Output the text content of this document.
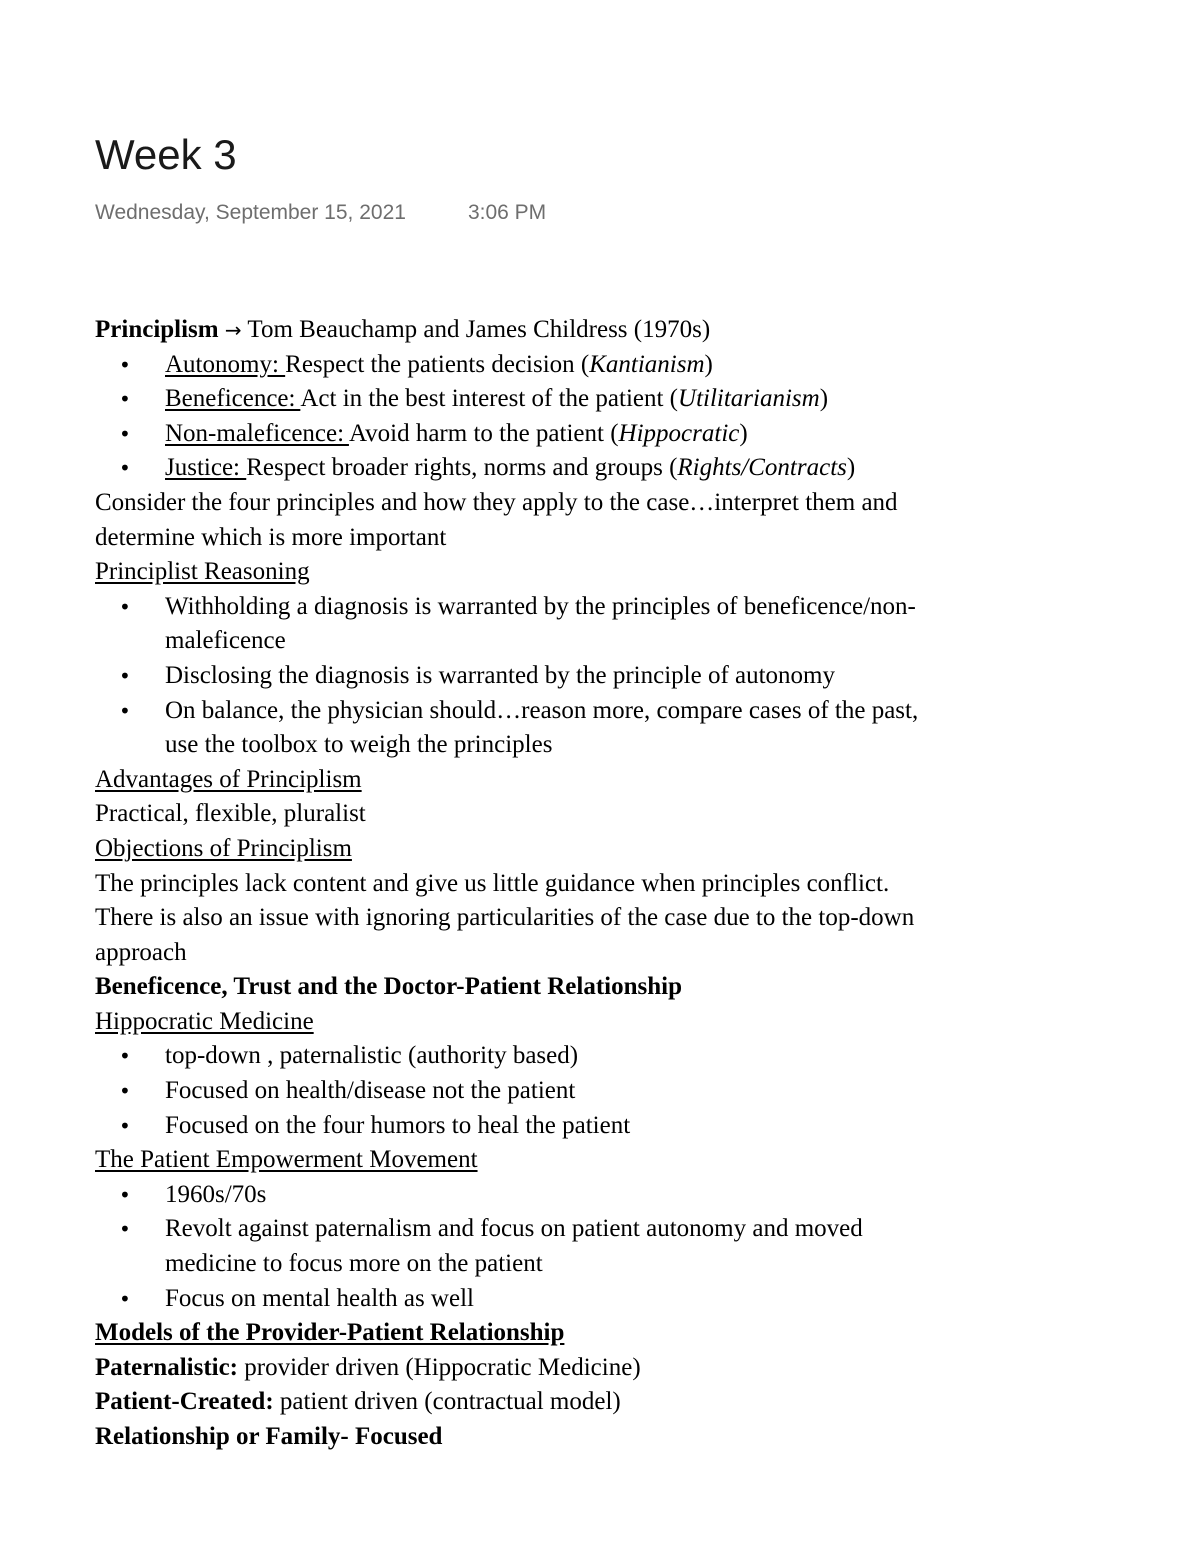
Week 3
Wednesday, September 15, 2021	3:06 PM

Principlism → Tom Beauchamp and James Childress (1970s)

• Autonomy: Respect the patients decision (Kantianism)
• Beneficence: Act in the best interest of the patient (Utilitarianism)
• Non-maleficence: Avoid harm to the patient (Hippocratic)
• Justice: Respect broader rights, norms and groups (Rights/Contracts)

Consider the four principles and how they apply to the case…interpret them and

determine which is more important

Principlist Reasoning

• Withholding a diagnosis is warranted by the principles of beneficence/non-
maleficence
• Disclosing the diagnosis is warranted by the principle of autonomy
• On balance, the physician should…reason more, compare cases of the past,
use the toolbox to weigh the principles

Advantages of Principlism

Practical, flexible, pluralist

Objections of Principlism

The principles lack content and give us little guidance when principles conflict.

There is also an issue with ignoring particularities of the case due to the top-down

approach

Beneficence, Trust and the Doctor-Patient Relationship

Hippocratic Medicine

• top-down , paternalistic (authority based)
• Focused on health/disease not the patient
• Focused on the four humors to heal the patient

The Patient Empowerment Movement

• 1960s/70s
• Revolt against paternalism and focus on patient autonomy and moved
medicine to focus more on the patient
• Focus on mental health as well

Models of the Provider-Patient Relationship

Paternalistic: provider driven (Hippocratic Medicine)

Patient-Created: patient driven (contractual model)

Relationship or Family- Focused
